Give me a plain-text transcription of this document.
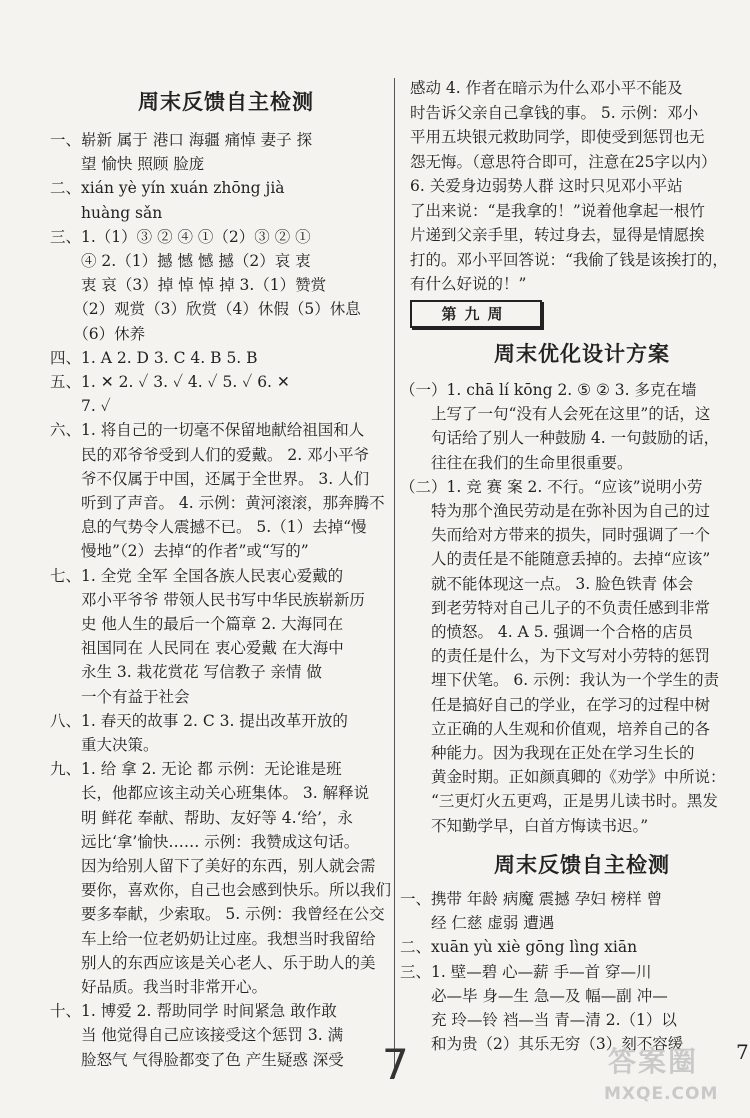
周末反馈自主检测
一、崭新 属于 港口 海疆 痛悼 妻子 探
　　望 愉快 照顾 脸庞
二、xián yè yín xuán zhōng jià
　　huàng sǎn
三、1.（1）③ ② ④ ①（2）③ ② ①
　　④ 2.（1）撼 憾 憾 撼（2）哀 衷
　　衷 哀（3）掉 悼 悼 掉 3.（1）赞赏
　　（2）观赏（3）欣赏（4）休假（5）休息
　　（6）休养
四、1. A 2. D 3. C 4. B 5. B
五、1. ✕ 2. ✓ 3. ✓ 4. ✓ 5. ✓ 6. ✕
　　7. ✓
六、1. 将自己的一切毫不保留地献给祖国和人
　　民的邓爷爷受到人们的爱戴。 2. 邓小平爷
　　爷不仅属于中国，还属于全世界。 3. 人们
　　听到了声音。 4. 示例：黄河滚滚，那奔腾不
　　息的气势令人震撼不已。 5.（1）去掉“慢
　　慢地”（2）去掉“的作者”或“写的”
七、1. 全党 全军 全国各族人民衷心爱戴的
　　邓小平爷爷 带领人民书写中华民族崭新历
　　史 他人生的最后一个篇章 2. 大海同在
　　祖国同在 人民同在 衷心爱戴 在大海中
　　永生 3. 栽花赏花 写信教子 亲情 做
　　一个有益于社会
八、1. 春天的故事 2. C 3. 提出改革开放的
　　重大决策。
九、1. 给 拿 2. 无论 都 示例：无论谁是班
　　长，他都应该主动关心班集体。 3. 解释说
　　明 鲜花 奉献、帮助、友好等 4.‘给’，永
　　远比‘拿’愉快…… 示例：我赞成这句话。
　　因为给别人留下了美好的东西，别人就会需
　　要你，喜欢你，自己也会感到快乐。所以我们
　　要多奉献，少索取。 5. 示例：我曾经在公交
　　车上给一位老奶奶让过座。我想当时我留给
　　别人的东西应该是关心老人、乐于助人的美
　　好品质。我当时非常开心。
十、1. 博爱 2. 帮助同学 时间紧急 敢作敢
　　当 他觉得自己应该接受这个惩罚 3. 满
　　脸怒气 气得脸都变了色 产生疑惑 深受
感动 4. 作者在暗示为什么邓小平不能及
时告诉父亲自己拿钱的事。 5. 示例：邓小
平用五块银元救助同学，即使受到惩罚也无
怨无悔。（意思符合即可，注意在25字以内）
6. 关爱身边弱势人群 这时只见邓小平站
了出来说：“是我拿的！”说着他拿起一根竹
片递到父亲手里，转过身去，显得是情愿挨
打的。邓小平回答说：“我偷了钱是该挨打的，
有什么好说的！”
周末优化设计方案
（一）1. chā lí kōng 2. ⑤ ② 3. 多克在墙
　　上写了一句“没有人会死在这里”的话，这
　　句话给了别人一种鼓励 4. 一句鼓励的话，
　　往往在我们的生命里很重要。
（二）1. 竞 赛 案 2. 不行。“应该”说明小劳
　　特为那个渔民劳动是在弥补因为自己的过
　　失而给对方带来的损失，同时强调了一个
　　人的责任是不能随意丢掉的。去掉“应该”
　　就不能体现这一点。 3. 脸色铁青 体会
　　到老劳特对自己儿子的不负责任感到非常
　　的愤怒。 4. A 5. 强调一个合格的店员
　　的责任是什么，为下文写对小劳特的惩罚
　　埋下伏笔。 6. 示例：我认为一个学生的责
　　任是搞好自己的学业，在学习的过程中树
　　立正确的人生观和价值观，培养自己的各
　　种能力。因为我现在正处在学习生长的
　　黄金时期。正如颜真卿的《劝学》中所说：
　　“三更灯火五更鸡，正是男儿读书时。黑发
　　不知勤学早，白首方悔读书迟。”
周末反馈自主检测
一、携带 年龄 病魔 震撼 孕妇 榜样 曾
　　经 仁慈 虚弱 遭遇
二、xuān yù xiè gōng lìng xiān
三、1. 壁—碧 心—薪 手—首 穿—川
　　必—毕 身—生 急—及 幅—副 冲—
　　充 玲—铃 裆—当 青—清 2.（1）以
　　和为贵（2）其乐无穷（3）刻不容缓
第九周
7	7
答案圈
MXQE.COM
